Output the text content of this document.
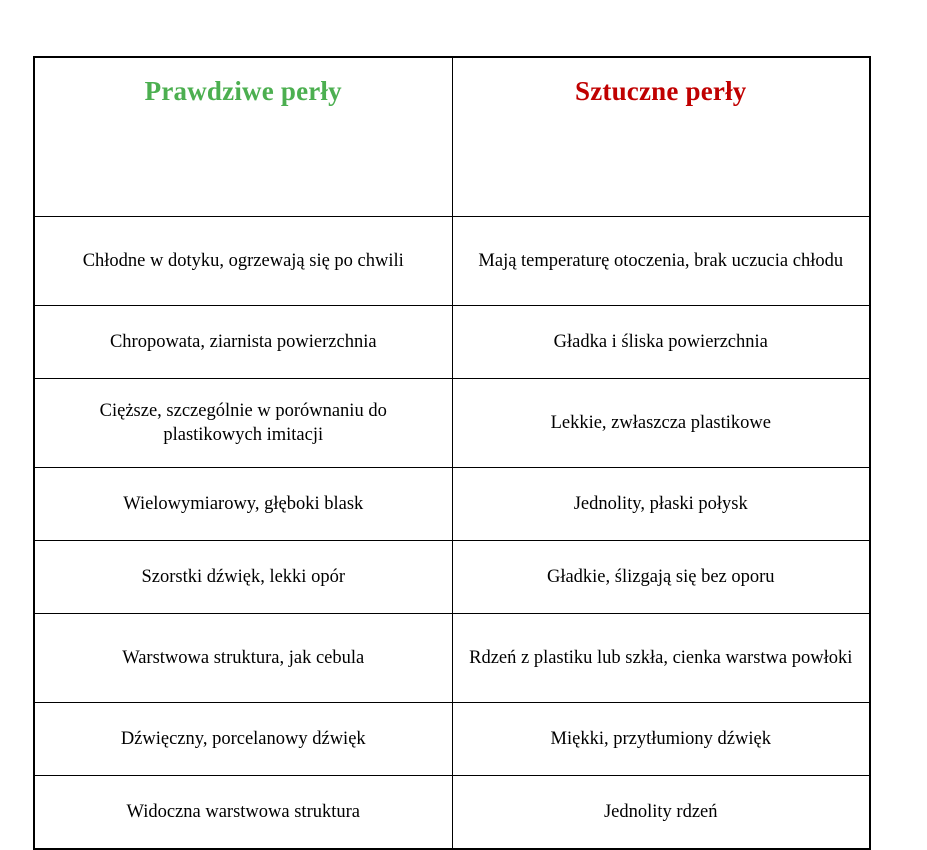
Prawdziwe perły	Sztuczne perły
Chłodne w dotyku, ogrzewają się po chwili	Mają temperaturę otoczenia, brak uczucia chłodu
Chropowata, ziarnista powierzchnia	Gładka i śliska powierzchnia
Cięższe, szczególnie w porównaniu do plastikowych imitacji	Lekkie, zwłaszcza plastikowe
Wielowymiarowy, głęboki blask	Jednolity, płaski połysk
Szorstki dźwięk, lekki opór	Gładkie, ślizgają się bez oporu
Warstwowa struktura, jak cebula	Rdzeń z plastiku lub szkła, cienka warstwa powłoki
Dźwięczny, porcelanowy dźwięk	Miękki, przytłumiony dźwięk
Widoczna warstwowa struktura	Jednolity rdzeń
